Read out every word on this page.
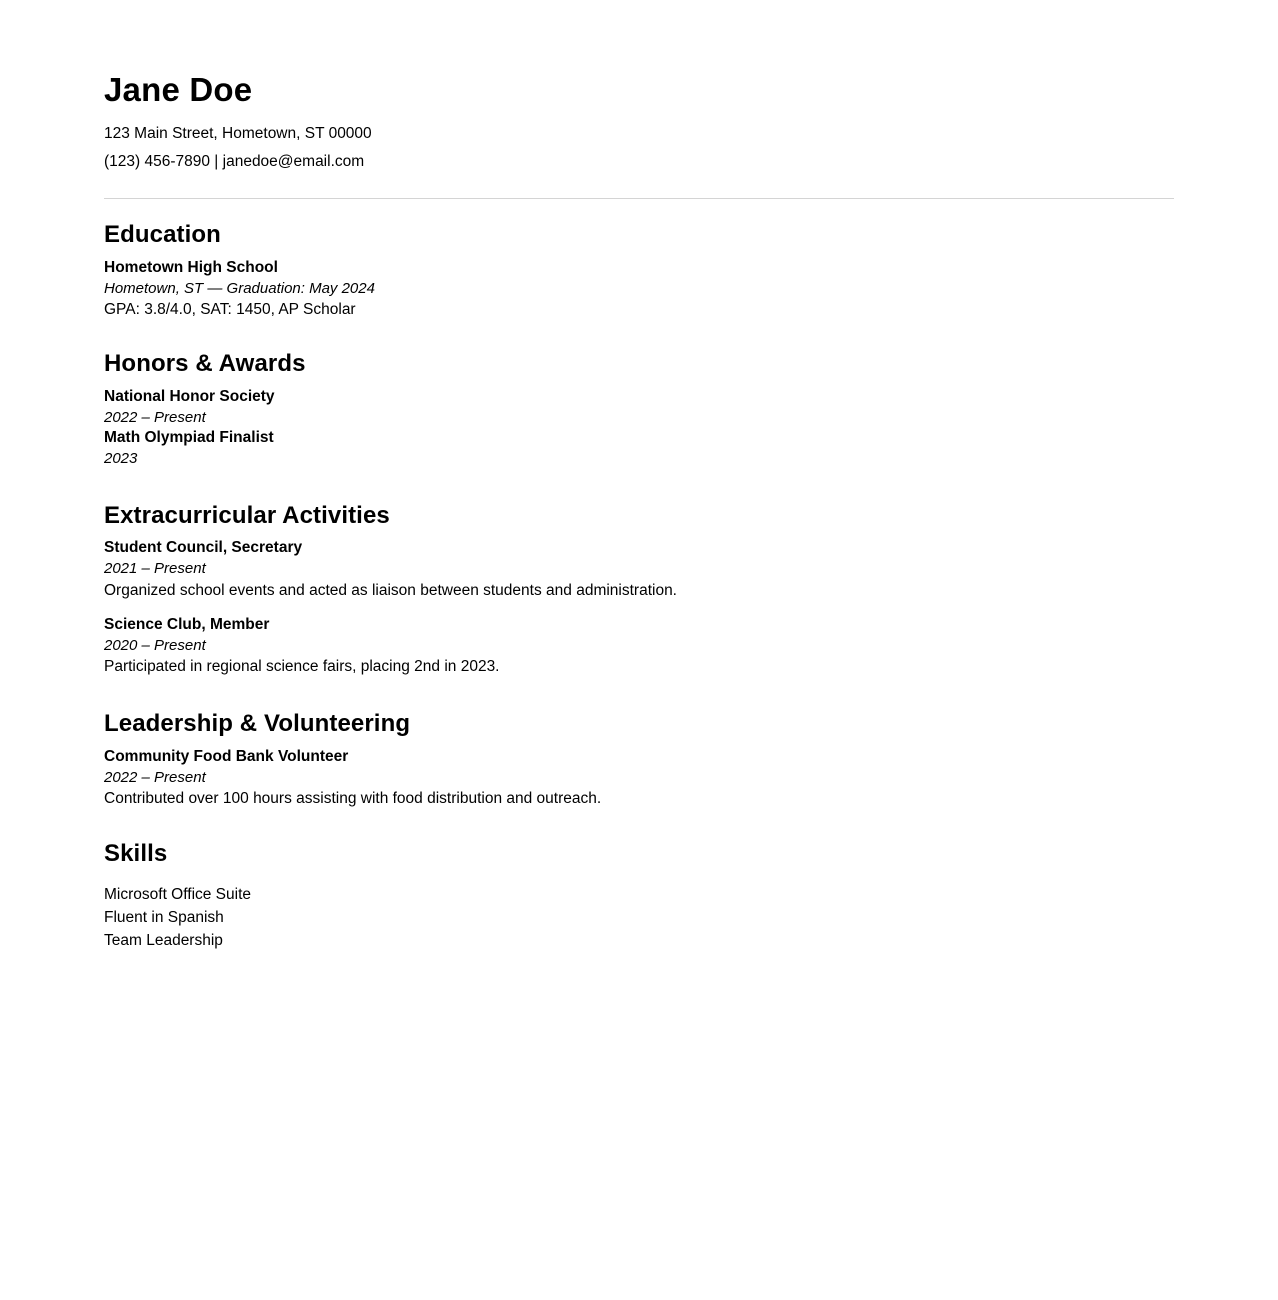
Jane Doe

123 Main Street, Hometown, ST 00000

(123) 456-7890 | janedoe@email.com

Education
Hometown High School
Hometown, ST — Graduation: May 2024
GPA: 3.8/4.0, SAT: 1450, AP Scholar
Honors & Awards
National Honor Society
2022 – Present
Math Olympiad Finalist
2023
Extracurricular Activities
Student Council, Secretary
2021 – Present
Organized school events and acted as liaison between students and administration.
Science Club, Member
2020 – Present
Participated in regional science fairs, placing 2nd in 2023.
Leadership & Volunteering
Community Food Bank Volunteer
2022 – Present
Contributed over 100 hours assisting with food distribution and outreach.
Skills
Microsoft Office Suite
Fluent in Spanish
Team Leadership
